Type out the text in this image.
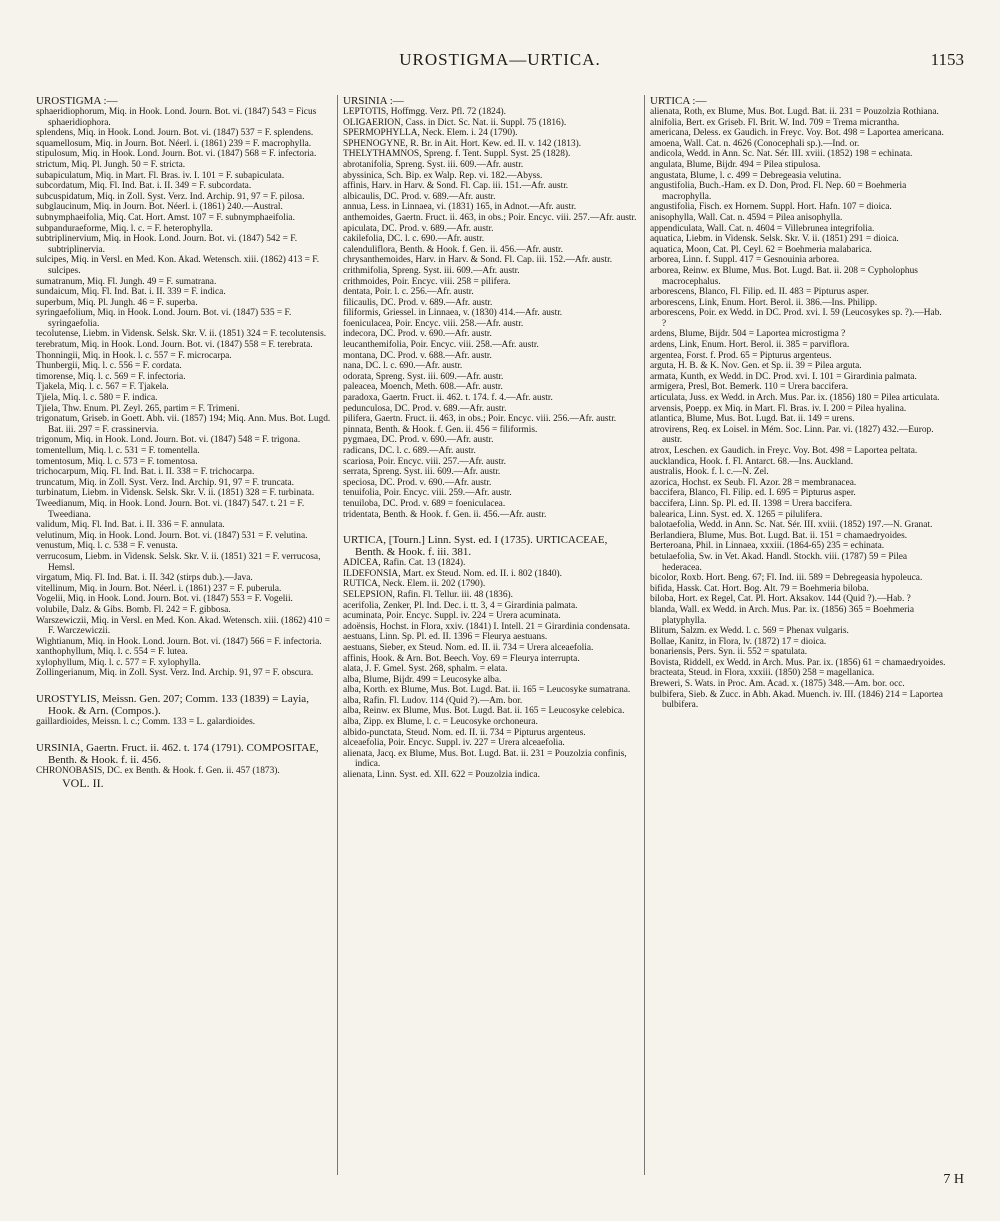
UROSTIGMA—URTICA.	1153

UROSTIGMA :—

sphaeridiophorum, Miq. in Hook. Lond. Journ. Bot. vi. (1847) 543 = Ficus sphaeridiophora.

splendens, Miq. in Hook. Lond. Journ. Bot. vi. (1847) 537 = F. splendens.

squamellosum, Miq. in Journ. Bot. Néerl. i. (1861) 239 = F. macrophylla.

stipulosum, Miq. in Hook. Lond. Journ. Bot. vi. (1847) 568 = F. infectoria.

strictum, Miq. Pl. Jungh. 50 = F. stricta.

subapiculatum, Miq. in Mart. Fl. Bras. iv. I. 101 = F. subapiculata.

subcordatum, Miq. Fl. Ind. Bat. i. II. 349 = F. subcordata.

subcuspidatum, Miq. in Zoll. Syst. Verz. Ind. Archip. 91, 97 = F. pilosa.

subglaucinum, Miq. in Journ. Bot. Néerl. i. (1861) 240.—Austral.

subnymphaeifolia, Miq. Cat. Hort. Amst. 107 = F. subnymphaeifolia.

subpanduraeforme, Miq. l. c. = F. heterophylla.

subtriplinervium, Miq. in Hook. Lond. Journ. Bot. vi. (1847) 542 = F. subtriplinervia.

sulcipes, Miq. in Versl. en Med. Kon. Akad. Wetensch. xiii. (1862) 413 = F. sulcipes.

sumatranum, Miq. Fl. Jungh. 49 = F. sumatrana.

sundaicum, Miq. Fl. Ind. Bat. i. II. 339 = F. indica.

superbum, Miq. Pl. Jungh. 46 = F. superba.

syringaefolium, Miq. in Hook. Lond. Journ. Bot. vi. (1847) 535 = F. syringaefolia.

tecolutense, Liebm. in Vidensk. Selsk. Skr. V. ii. (1851) 324 = F. tecolutensis.

terebratum, Miq. in Hook. Lond. Journ. Bot. vi. (1847) 558 = F. terebrata.

Thonningii, Miq. in Hook. l. c. 557 = F. microcarpa.

Thunbergii, Miq. l. c. 556 = F. cordata.

timorense, Miq. l. c. 569 = F. infectoria.

Tjakela, Miq. l. c. 567 = F. Tjakela.

Tjiela, Miq. l. c. 580 = F. indica.

Tjiela, Thw. Enum. Pl. Zeyl. 265, partim = F. Trimeni.

trigonatum, Griseb. in Goett. Abh. vii. (1857) 194; Miq. Ann. Mus. Bot. Lugd. Bat. iii. 297 = F. crassinervia.

trigonum, Miq. in Hook. Lond. Journ. Bot. vi. (1847) 548 = F. trigona.

tomentellum, Miq. l. c. 531 = F. tomentella.

tomentosum, Miq. l. c. 573 = F. tomentosa.

trichocarpum, Miq. Fl. Ind. Bat. i. II. 338 = F. trichocarpa.

truncatum, Miq. in Zoll. Syst. Verz. Ind. Archip. 91, 97 = F. truncata.

turbinatum, Liebm. in Vidensk. Selsk. Skr. V. ii. (1851) 328 = F. turbinata.

Tweedianum, Miq. in Hook. Lond. Journ. Bot. vi. (1847) 547. t. 21 = F. Tweediana.

validum, Miq. Fl. Ind. Bat. i. II. 336 = F. annulata.

velutinum, Miq. in Hook. Lond. Journ. Bot. vi. (1847) 531 = F. velutina.

venustum, Miq. l. c. 538 = F. venusta.

verrucosum, Liebm. in Vidensk. Selsk. Skr. V. ii. (1851) 321 = F. verrucosa, Hemsl.

virgatum, Miq. Fl. Ind. Bat. i. II. 342 (stirps dub.).—Java.

vitellinum, Miq. in Journ. Bot. Néerl. i. (1861) 237 = F. puberula.

Vogelii, Miq. in Hook. Lond. Journ. Bot. vi. (1847) 553 = F. Vogelii.

volubile, Dalz. & Gibs. Bomb. Fl. 242 = F. gibbosa.

Warszewiczii, Miq. in Versl. en Med. Kon. Akad. Wetensch. xiii. (1862) 410 = F. Warczewiczii.

Wightianum, Miq. in Hook. Lond. Journ. Bot. vi. (1847) 566 = F. infectoria.

xanthophyllum, Miq. l. c. 554 = F. lutea.

xylophyllum, Miq. l. c. 577 = F. xylophylla.

Zollingerianum, Miq. in Zoll. Syst. Verz. Ind. Archip. 91, 97 = F. obscura.

UROSTYLIS, Meissn. Gen. 207; Comm. 133 (1839) = Layia, Hook. & Arn. (Compos.).

gaillardioides, Meissn. l. c.; Comm. 133 = L. galardioides.

URSINIA, Gaertn. Fruct. ii. 462. t. 174 (1791). COMPOSITAE, Benth. & Hook. f. ii. 456.

CHRONOBASIS, DC. ex Benth. & Hook. f. Gen. ii. 457 (1873).

VOL. II.

URSINIA :—

LEPTOTIS, Hoffmgg. Verz. Pfl. 72 (1824).

OLIGAERION, Cass. in Dict. Sc. Nat. ii. Suppl. 75 (1816).

SPERMOPHYLLA, Neck. Elem. i. 24 (1790).

SPHENOGYNE, R. Br. in Ait. Hort. Kew. ed. II. v. 142 (1813).

THELYTHAMNOS, Spreng. f. Tent. Suppl. Syst. 25 (1828).

abrotanifolia, Spreng. Syst. iii. 609.—Afr. austr.

abyssinica, Sch. Bip. ex Walp. Rep. vi. 182.—Abyss.

affinis, Harv. in Harv. & Sond. Fl. Cap. iii. 151.—Afr. austr.

albicaulis, DC. Prod. v. 689.—Afr. austr.

annua, Less. in Linnaea, vi. (1831) 165, in Adnot.—Afr. austr.

anthemoides, Gaertn. Fruct. ii. 463, in obs.; Poir. Encyc. viii. 257.—Afr. austr.

apiculata, DC. Prod. v. 689.—Afr. austr.

cakilefolia, DC. l. c. 690.—Afr. austr.

calenduliflora, Benth. & Hook. f. Gen. ii. 456.—Afr. austr.

chrysanthemoides, Harv. in Harv. & Sond. Fl. Cap. iii. 152.—Afr. austr.

crithmifolia, Spreng. Syst. iii. 609.—Afr. austr.

crithmoides, Poir. Encyc. viii. 258 = pilifera.

dentata, Poir. l. c. 256.—Afr. austr.

filicaulis, DC. Prod. v. 689.—Afr. austr.

filiformis, Griessel. in Linnaea, v. (1830) 414.—Afr. austr.

foeniculacea, Poir. Encyc. viii. 258.—Afr. austr.

indecora, DC. Prod. v. 690.—Afr. austr.

leucanthemifolia, Poir. Encyc. viii. 258.—Afr. austr.

montana, DC. Prod. v. 688.—Afr. austr.

nana, DC. l. c. 690.—Afr. austr.

odorata, Spreng. Syst. iii. 609.—Afr. austr.

paleacea, Moench, Meth. 608.—Afr. austr.

paradoxa, Gaertn. Fruct. ii. 462. t. 174. f. 4.—Afr. austr.

pedunculosa, DC. Prod. v. 689.—Afr. austr.

pilifera, Gaertn. Fruct. ii. 463, in obs.; Poir. Encyc. viii. 256.—Afr. austr.

pinnata, Benth. & Hook. f. Gen. ii. 456 = filiformis.

pygmaea, DC. Prod. v. 690.—Afr. austr.

radicans, DC. l. c. 689.—Afr. austr.

scariosa, Poir. Encyc. viii. 257.—Afr. austr.

serrata, Spreng. Syst. iii. 609.—Afr. austr.

speciosa, DC. Prod. v. 690.—Afr. austr.

tenuifolia, Poir. Encyc. viii. 259.—Afr. austr.

tenuiloba, DC. Prod. v. 689 = foeniculacea.

tridentata, Benth. & Hook. f. Gen. ii. 456.—Afr. austr.

URTICA, [Tourn.] Linn. Syst. ed. I (1735). URTICACEAE, Benth. & Hook. f. iii. 381.

ADICEA, Rafin. Cat. 13 (1824).

ILDEFONSIA, Mart. ex Steud. Nom. ed. II. i. 802 (1840).

RUTICA, Neck. Elem. ii. 202 (1790).

SELEPSION, Rafin. Fl. Tellur. iii. 48 (1836).

acerifolia, Zenker, Pl. Ind. Dec. i. tt. 3, 4 = Girardinia palmata.

acuminata, Poir. Encyc. Suppl. iv. 224 = Urera acuminata.

adoënsis, Hochst. in Flora, xxiv. (1841) I. Intell. 21 = Girardinia condensata.

aestuans, Linn. Sp. Pl. ed. II. 1396 = Fleurya aestuans.

aestuans, Sieber, ex Steud. Nom. ed. II. ii. 734 = Urera alceaefolia.

affinis, Hook. & Arn. Bot. Beech. Voy. 69 = Fleurya interrupta.

alata, J. F. Gmel. Syst. 268, sphalm. = elata.

alba, Blume, Bijdr. 499 = Leucosyke alba.

alba, Korth. ex Blume, Mus. Bot. Lugd. Bat. ii. 165 = Leucosyke sumatrana.

alba, Rafin. Fl. Ludov. 114 (Quid ?).—Am. bor.

alba, Reinw. ex Blume, Mus. Bot. Lugd. Bat. ii. 165 = Leucosyke celebica.

alba, Zipp. ex Blume, l. c. = Leucosyke orchoneura.

albido-punctata, Steud. Nom. ed. II. ii. 734 = Pipturus argenteus.

alceaefolia, Poir. Encyc. Suppl. iv. 227 = Urera alceaefolia.

alienata, Jacq. ex Blume, Mus. Bot. Lugd. Bat. ii. 231 = Pouzolzia confinis, indica.

alienata, Linn. Syst. ed. XII. 622 = Pouzolzia indica.

URTICA :—

alienata, Roth, ex Blume, Mus. Bot. Lugd. Bat. ii. 231 = Pouzolzia Rothiana.

alnifolia, Bert. ex Griseb. Fl. Brit. W. Ind. 709 = Trema micrantha.

americana, Deless. ex Gaudich. in Freyc. Voy. Bot. 498 = Laportea americana.

amoena, Wall. Cat. n. 4626 (Conocephali sp.).—Ind. or.

andicola, Wedd. in Ann. Sc. Nat. Sér. III. xviii. (1852) 198 = echinata.

angulata, Blume, Bijdr. 494 = Pilea stipulosa.

angustata, Blume, l. c. 499 = Debregeasia velutina.

angustifolia, Buch.-Ham. ex D. Don, Prod. Fl. Nep. 60 = Boehmeria macrophylla.

angustifolia, Fisch. ex Hornem. Suppl. Hort. Hafn. 107 = dioica.

anisophylla, Wall. Cat. n. 4594 = Pilea anisophylla.

appendiculata, Wall. Cat. n. 4604 = Villebrunea integrifolia.

aquatica, Liebm. in Vidensk. Selsk. Skr. V. ii. (1851) 291 = dioica.

aquatica, Moon, Cat. Pl. Ceyl. 62 = Boehmeria malabarica.

arborea, Linn. f. Suppl. 417 = Gesnouinia arborea.

arborea, Reinw. ex Blume, Mus. Bot. Lugd. Bat. ii. 208 = Cypholophus macrocephalus.

arborescens, Blanco, Fl. Filip. ed. II. 483 = Pipturus asper.

arborescens, Link, Enum. Hort. Berol. ii. 386.—Ins. Philipp.

arborescens, Poir. ex Wedd. in DC. Prod. xvi. I. 59 (Leucosykes sp. ?).—Hab. ?

ardens, Blume, Bijdr. 504 = Laportea microstigma ?

ardens, Link, Enum. Hort. Berol. ii. 385 = parviflora.

argentea, Forst. f. Prod. 65 = Pipturus argenteus.

arguta, H. B. & K. Nov. Gen. et Sp. ii. 39 = Pilea arguta.

armata, Kunth, ex Wedd. in DC. Prod. xvi. I. 101 = Girardinia palmata.

armigera, Presl, Bot. Bemerk. 110 = Urera baccifera.

articulata, Juss. ex Wedd. in Arch. Mus. Par. ix. (1856) 180 = Pilea articulata.

arvensis, Poepp. ex Miq. in Mart. Fl. Bras. iv. I. 200 = Pilea hyalina.

atlantica, Blume, Mus. Bot. Lugd. Bat. ii. 149 = urens.

atrovirens, Req. ex Loisel. in Mém. Soc. Linn. Par. vi. (1827) 432.—Europ. austr.

atrox, Leschen. ex Gaudich. in Freyc. Voy. Bot. 498 = Laportea peltata.

aucklandica, Hook. f. Fl. Antarct. 68.—Ins. Auckland.

australis, Hook. f. l. c.—N. Zel.

azorica, Hochst. ex Seub. Fl. Azor. 28 = membranacea.

baccifera, Blanco, Fl. Filip. ed. I. 695 = Pipturus asper.

baccifera, Linn. Sp. Pl. ed. II. 1398 = Urera baccifera.

balearica, Linn. Syst. ed. X. 1265 = pilulifera.

balotaefolia, Wedd. in Ann. Sc. Nat. Sér. III. xviii. (1852) 197.—N. Granat.

Berlandiera, Blume, Mus. Bot. Lugd. Bat. ii. 151 = chamaedryoides.

Berteroana, Phil. in Linnaea, xxxiii. (1864-65) 235 = echinata.

betulaefolia, Sw. in Vet. Akad. Handl. Stockh. viii. (1787) 59 = Pilea hederacea.

bicolor, Roxb. Hort. Beng. 67; Fl. Ind. iii. 589 = Debregeasia hypoleuca.

bifida, Hassk. Cat. Hort. Bog. Alt. 79 = Boehmeria biloba.

biloba, Hort. ex Regel, Cat. Pl. Hort. Aksakov. 144 (Quid ?).—Hab. ?

blanda, Wall. ex Wedd. in Arch. Mus. Par. ix. (1856) 365 = Boehmeria platyphylla.

Blitum, Salzm. ex Wedd. l. c. 569 = Phenax vulgaris.

Bollae, Kanitz, in Flora, lv. (1872) 17 = dioica.

bonariensis, Pers. Syn. ii. 552 = spatulata.

Bovista, Riddell, ex Wedd. in Arch. Mus. Par. ix. (1856) 61 = chamaedryoides.

bracteata, Steud. in Flora, xxxiii. (1850) 258 = magellanica.

Breweri, S. Wats. in Proc. Am. Acad. x. (1875) 348.—Am. bor. occ.

bulbifera, Sieb. & Zucc. in Abh. Akad. Muench. iv. III. (1846) 214 = Laportea bulbifera.

7 H
